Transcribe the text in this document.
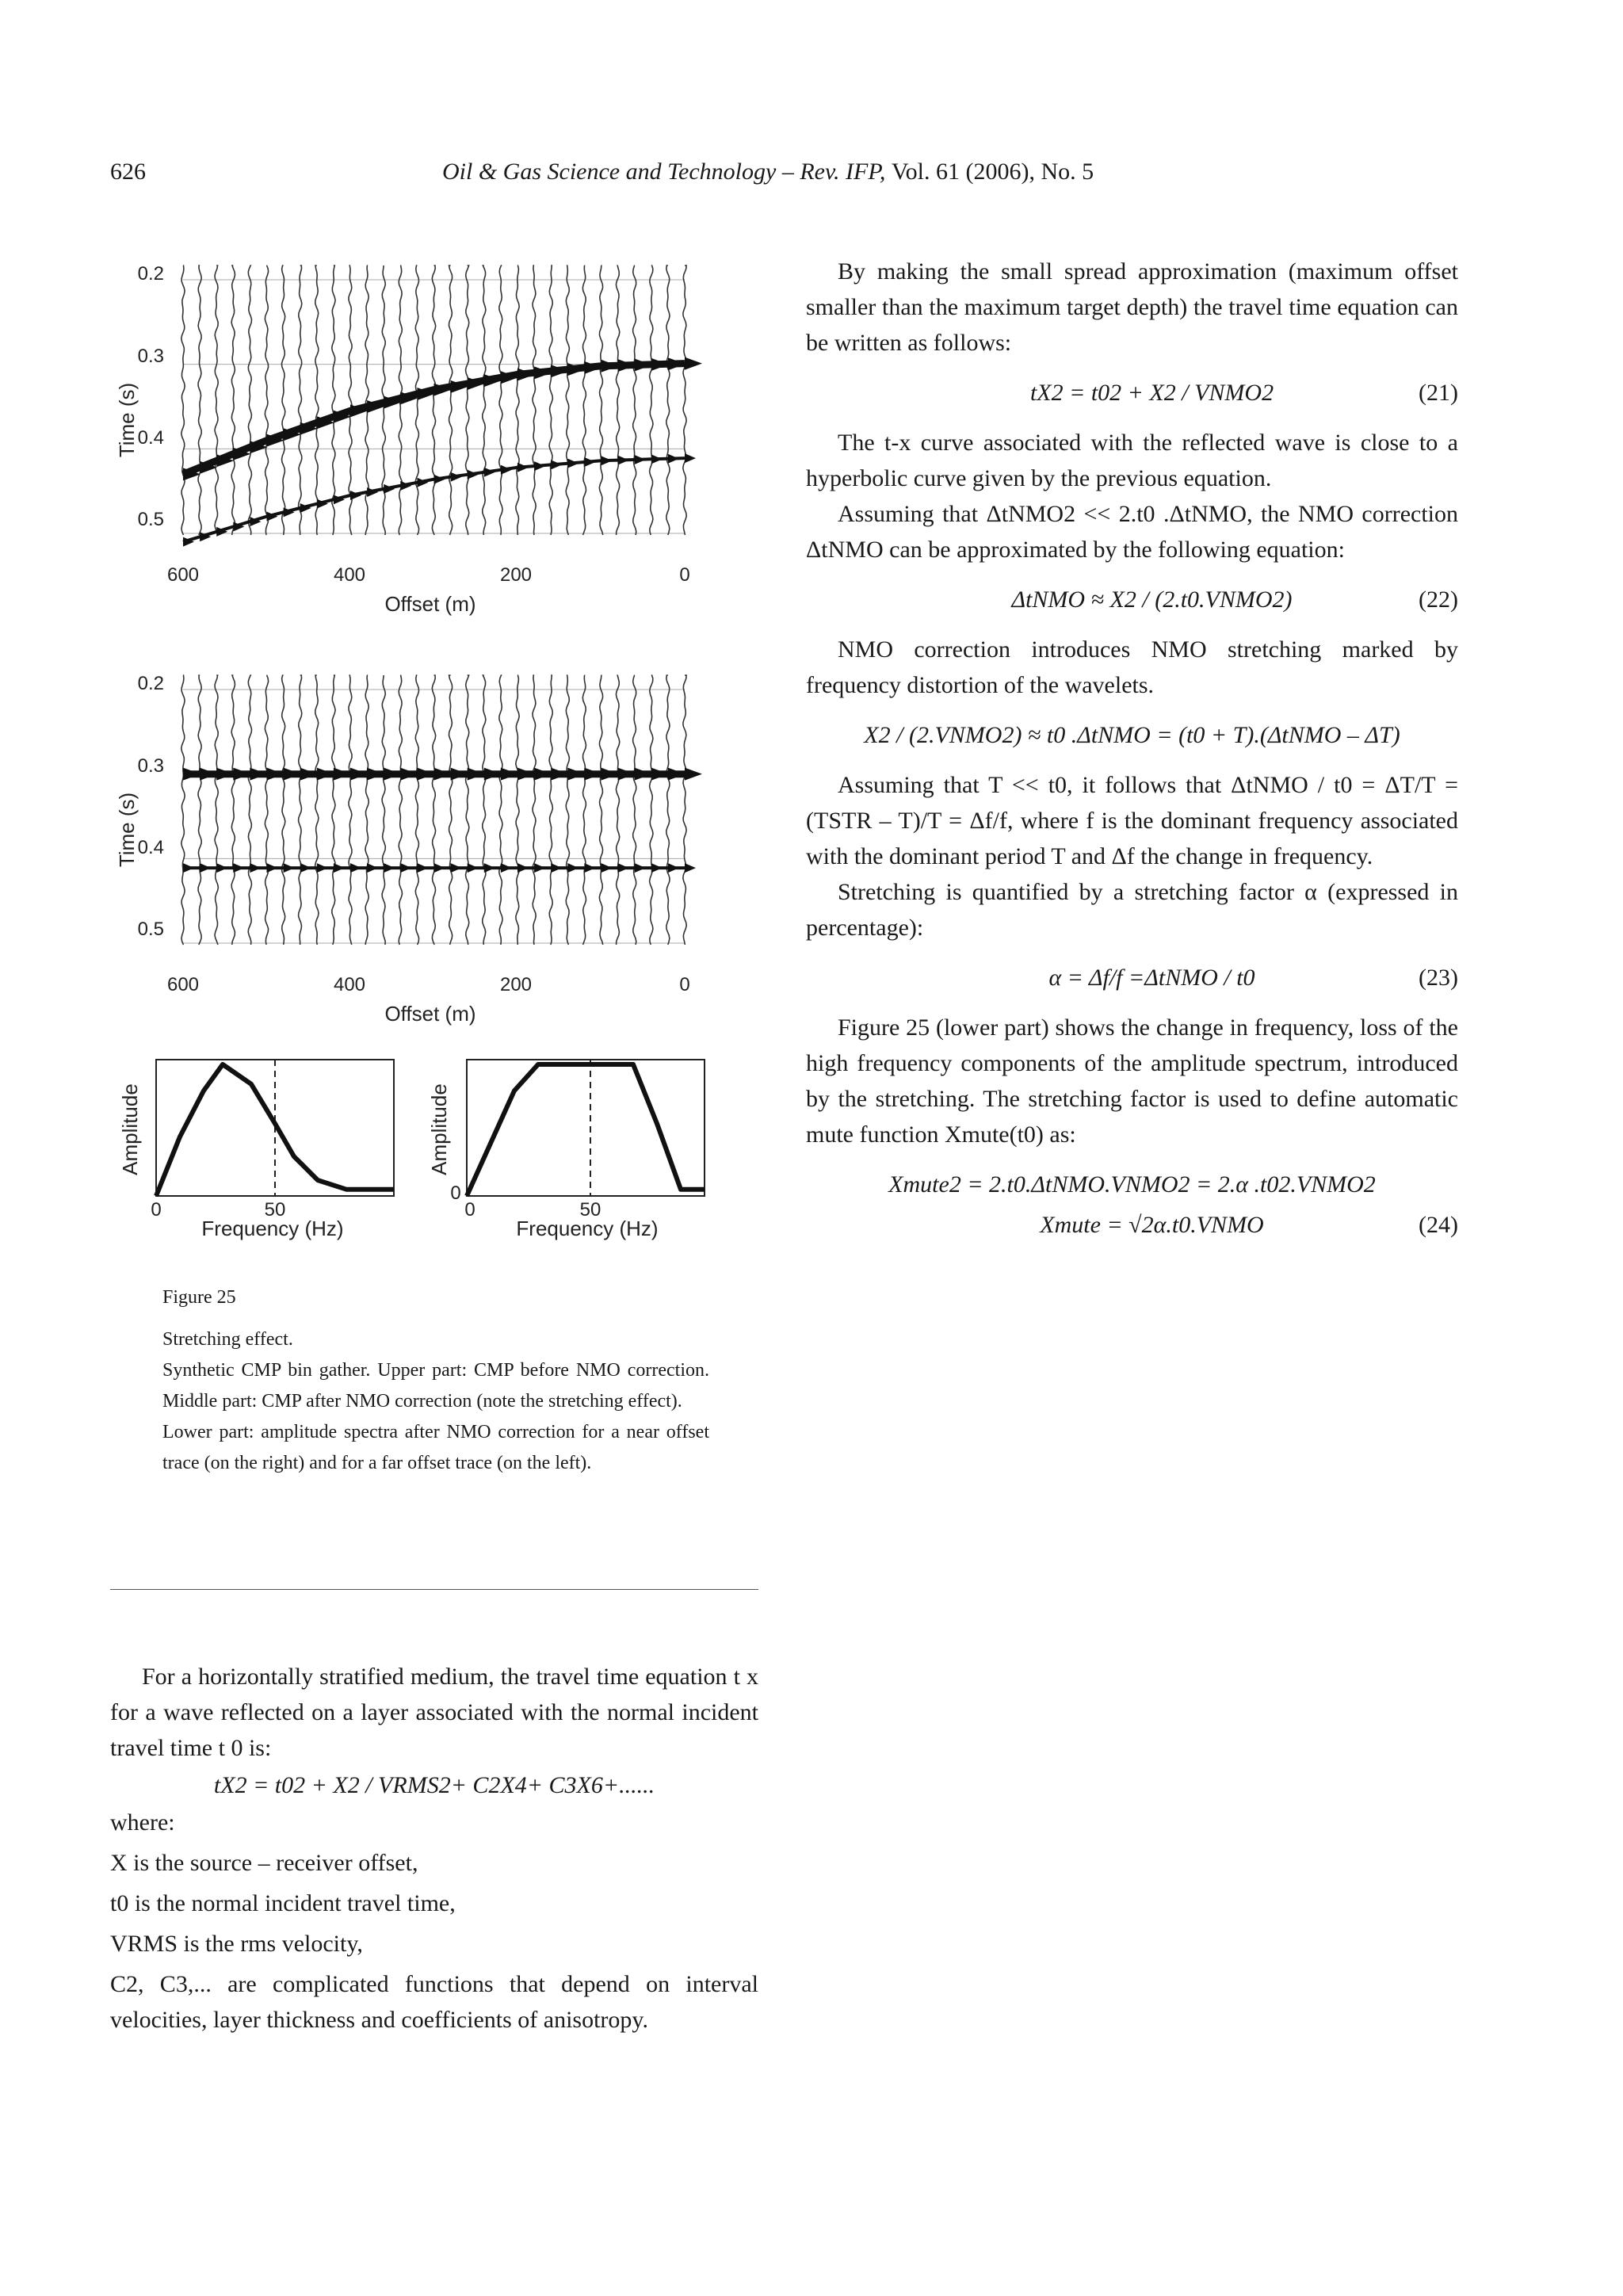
626	Oil & Gas Science and Technology – Rev. IFP, Vol. 61 (2006), No. 5
0.2
0.3
0.4
0.5
Time (s)
600	400	200	0
Offset (m)
0.2
0.3
0.4
0.5
Time (s)
600	400	200	0
Offset (m)
Amplitude
0	50
Frequency (Hz)
Amplitude
0
0	50
Frequency (Hz)

Figure 25

Stretching effect.

Synthetic CMP bin gather. Upper part: CMP before NMO correction. Middle part: CMP after NMO correction (note the stretching effect).

Lower part: amplitude spectra after NMO correction for a near offset trace (on the right) and for a far offset trace (on the left).

For a horizontally stratified medium, the travel time equation t x for a wave reflected on a layer associated with the normal incident travel time t 0 is:

tX2 = t02 + X2 / VRMS2+ C2X4+ C3X6+......

where:

X is the source – receiver offset,

t0 is the normal incident travel time,

VRMS is the rms velocity,

C2, C3,... are complicated functions that depend on interval velocities, layer thickness and coefficients of anisotropy.

By making the small spread approximation (maximum offset smaller than the maximum target depth) the travel time equation can be written as follows:

tX2 = t02 + X2 / VNMO2	(21)

The t-x curve associated with the reflected wave is close to a hyperbolic curve given by the previous equation.

Assuming that ΔtNMO2 << 2.t0 .ΔtNMO, the NMO correction ΔtNMO can be approximated by the following equation:

ΔtNMO ≈ X2 / (2.t0.VNMO2)	(22)

NMO correction introduces NMO stretching marked by frequency distortion of the wavelets.

X2 / (2.VNMO2) ≈ t0 .ΔtNMO = (t0 + T).(ΔtNMO – ΔT)

Assuming that T << t0, it follows that ΔtNMO / t0 = ΔT/T = (TSTR – T)/T = Δf/f, where f is the dominant frequency associated with the dominant period T and Δf the change in frequency.

Stretching is quantified by a stretching factor α (expressed in percentage):

α = Δf/f =ΔtNMO / t0	(23)

Figure 25 (lower part) shows the change in frequency, loss of the high frequency components of the amplitude spectrum, introduced by the stretching. The stretching factor is used to define automatic mute function Xmute(t0) as:

Xmute2 = 2.t0.ΔtNMO.VNMO2 = 2.α .t02.VNMO2

Xmute = √2α.t0.VNMO	(24)
